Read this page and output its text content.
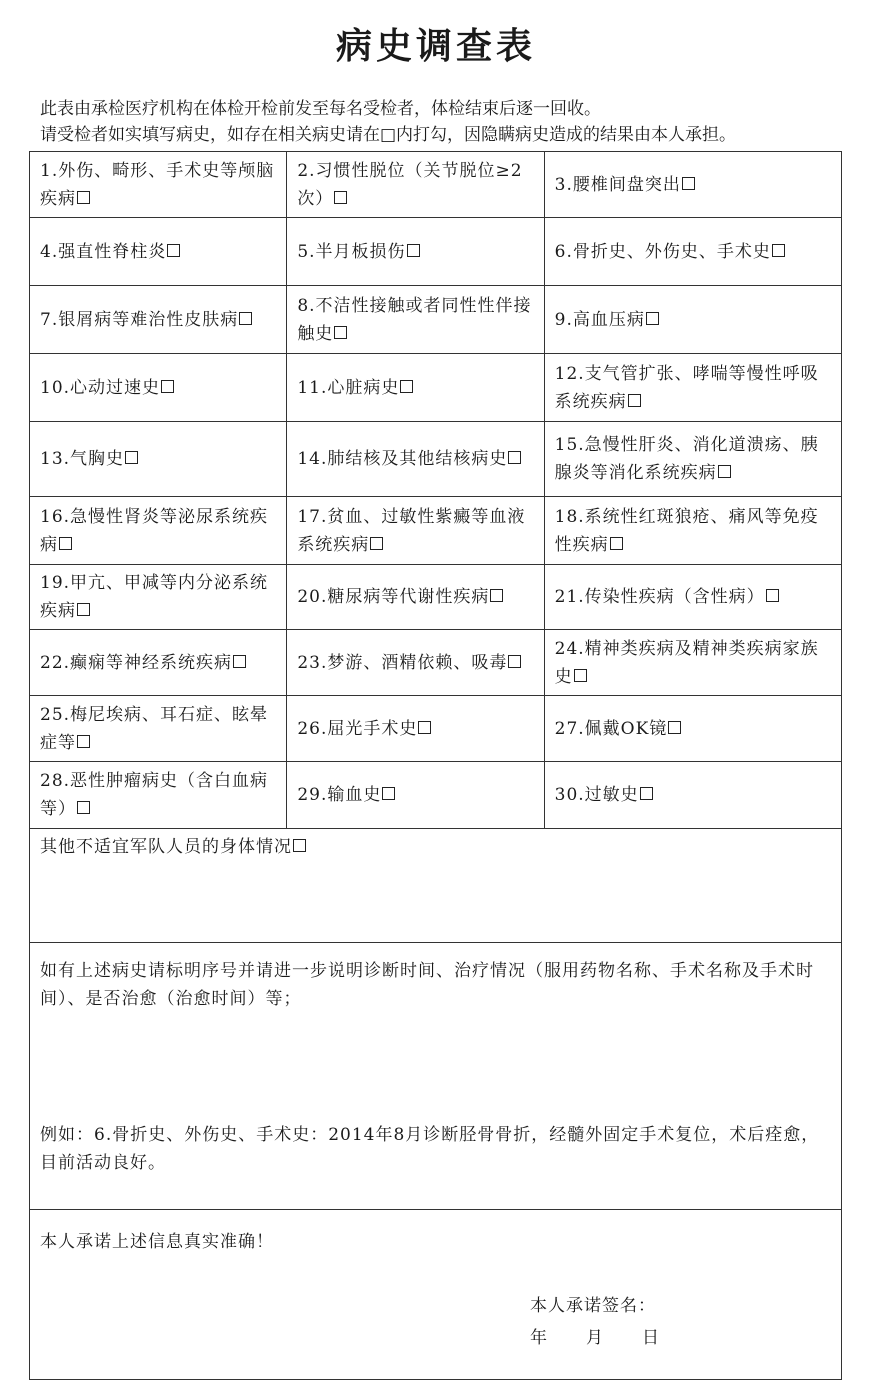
病史调查表
此表由承检医疗机构在体检开检前发至每名受检者，体检结束后逐一回收。
请受检者如实填写病史，如存在相关病史请在□内打勾，因隐瞒病史造成的结果由本人承担。
1.外伤、畸形、手术史等颅脑疾病	2.习惯性脱位（关节脱位≥2次）	3.腰椎间盘突出
4.强直性脊柱炎	5.半月板损伤	6.骨折史、外伤史、手术史
7.银屑病等难治性皮肤病	8.不洁性接触或者同性性伴接触史	9.高血压病
10.心动过速史	11.心脏病史	12.支气管扩张、哮喘等慢性呼吸系统疾病
13.气胸史	14.肺结核及其他结核病史	15.急慢性肝炎、消化道溃疡、胰腺炎等消化系统疾病
16.急慢性肾炎等泌尿系统疾病	17.贫血、过敏性紫癜等血液系统疾病	18.系统性红斑狼疮、痛风等免疫性疾病
19.甲亢、甲减等内分泌系统疾病	20.糖尿病等代谢性疾病	21.传染性疾病（含性病）
22.癫痫等神经系统疾病	23.梦游、酒精依赖、吸毒	24.精神类疾病及精神类疾病家族史
25.梅尼埃病、耳石症、眩晕症等	26.屈光手术史	27.佩戴OK镜
28.恶性肿瘤病史（含白血病等）	29.输血史	30.过敏史
其他不适宜军队人员的身体情况		

如有上述病史请标明序号并请进一步说明诊断时间、治疗情况（服用药物名称、手术名称及手术时间）、是否治愈（治愈时间）等；

例如：6.骨折史、外伤史、手术史：2014年8月诊断胫骨骨折，经髓外固定手术复位，术后痊愈，目前活动良好。		

本人承诺上述信息真实准确！
本人承诺签名：
年 月 日		
